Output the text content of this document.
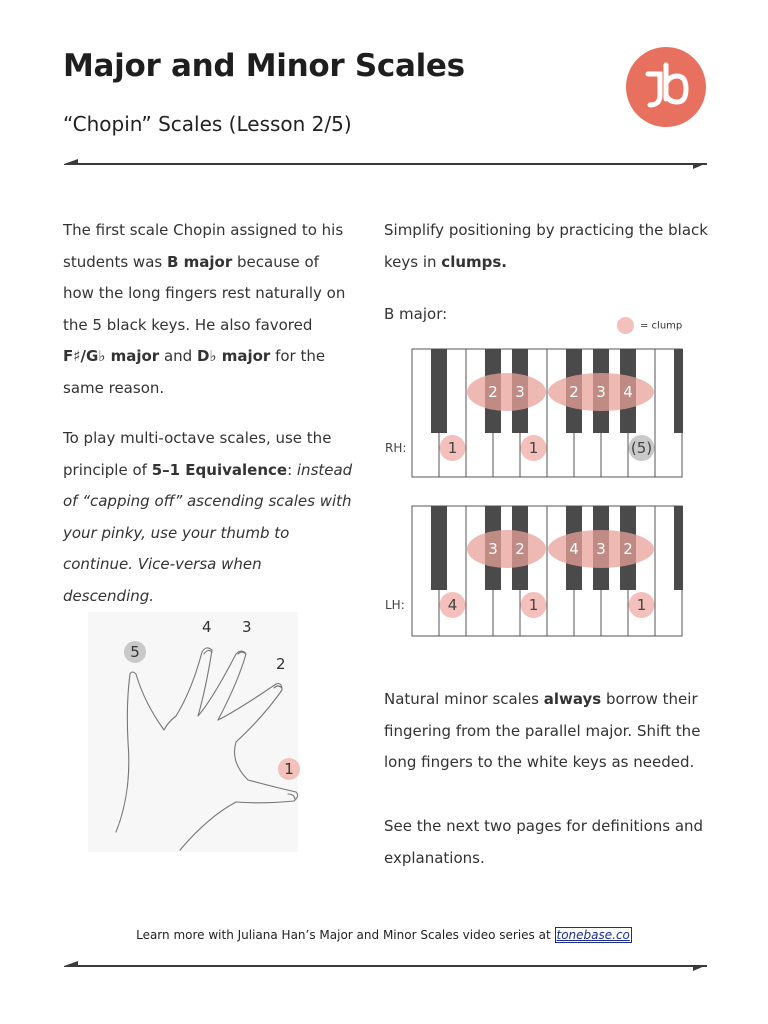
Major and Minor Scales
“Chopin” Scales (Lesson 2/5)

The first scale Chopin assigned to his students was B major because of how the long fingers rest naturally on the 5 black keys. He also favored F♯/G♭ major and D♭ major for the same reason.

To play multi-octave scales, use the principle of 5–1 Equivalence: instead of “capping off” ascending scales with your pinky, use your thumb to continue. Vice-versa when descending.

5
4 3
2
1

Simplify positioning by practicing the black keys in clumps.

B major:
= clump
RH:
2 3	2 3 4
1	1	(5)
LH:
3 2	4 3 2
4	1	1

Natural minor scales always borrow their fingering from the parallel major. Shift the long fingers to the white keys as needed.

See the next two pages for definitions and explanations.

Learn more with Juliana Han’s Major and Minor Scales video series at tonebase.co
